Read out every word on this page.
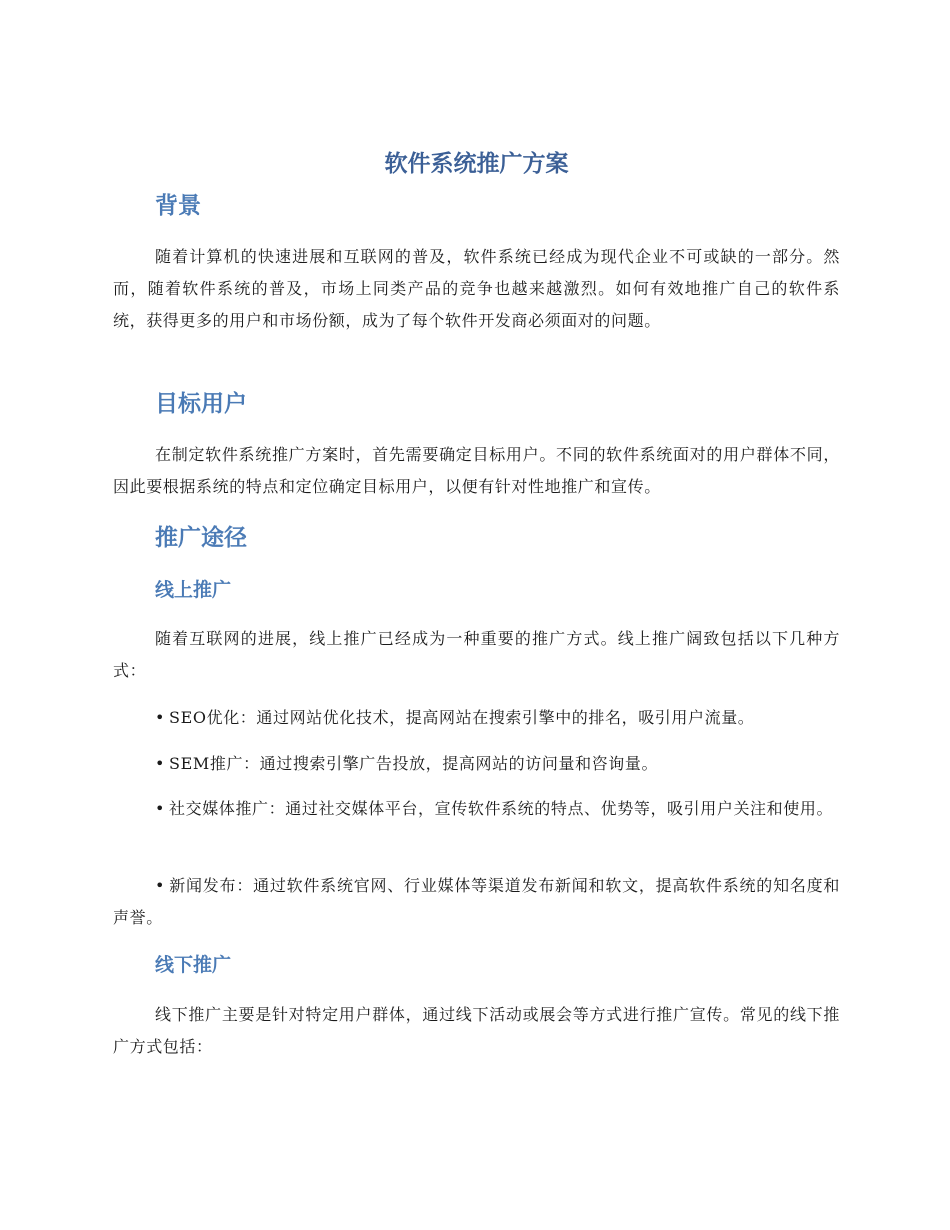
软件系统推广方案
背景

随着计算机的快速进展和互联网的普及，软件系统已经成为现代企业不可或缺的一部分。然而，随着软件系统的普及，市场上同类产品的竞争也越来越激烈。如何有效地推广自己的软件系统，获得更多的用户和市场份额，成为了每个软件开发商必须面对的问题。

目标用户

在制定软件系统推广方案时，首先需要确定目标用户。不同的软件系统面对的用户群体不同，因此要根据系统的特点和定位确定目标用户，以便有针对性地推广和宣传。

推广途径
线上推广

随着互联网的进展，线上推广已经成为一种重要的推广方式。线上推广阔致包括以下几种方式：

• SEO优化：通过网站优化技术，提高网站在搜索引擎中的排名，吸引用户流量。

• SEM推广：通过搜索引擎广告投放，提高网站的访问量和咨询量。

• 社交媒体推广：通过社交媒体平台，宣传软件系统的特点、优势等，吸引用户关注和使用。

• 新闻发布：通过软件系统官网、行业媒体等渠道发布新闻和软文，提高软件系统的知名度和声誉。

线下推广

线下推广主要是针对特定用户群体，通过线下活动或展会等方式进行推广宣传。常见的线下推广方式包括：
